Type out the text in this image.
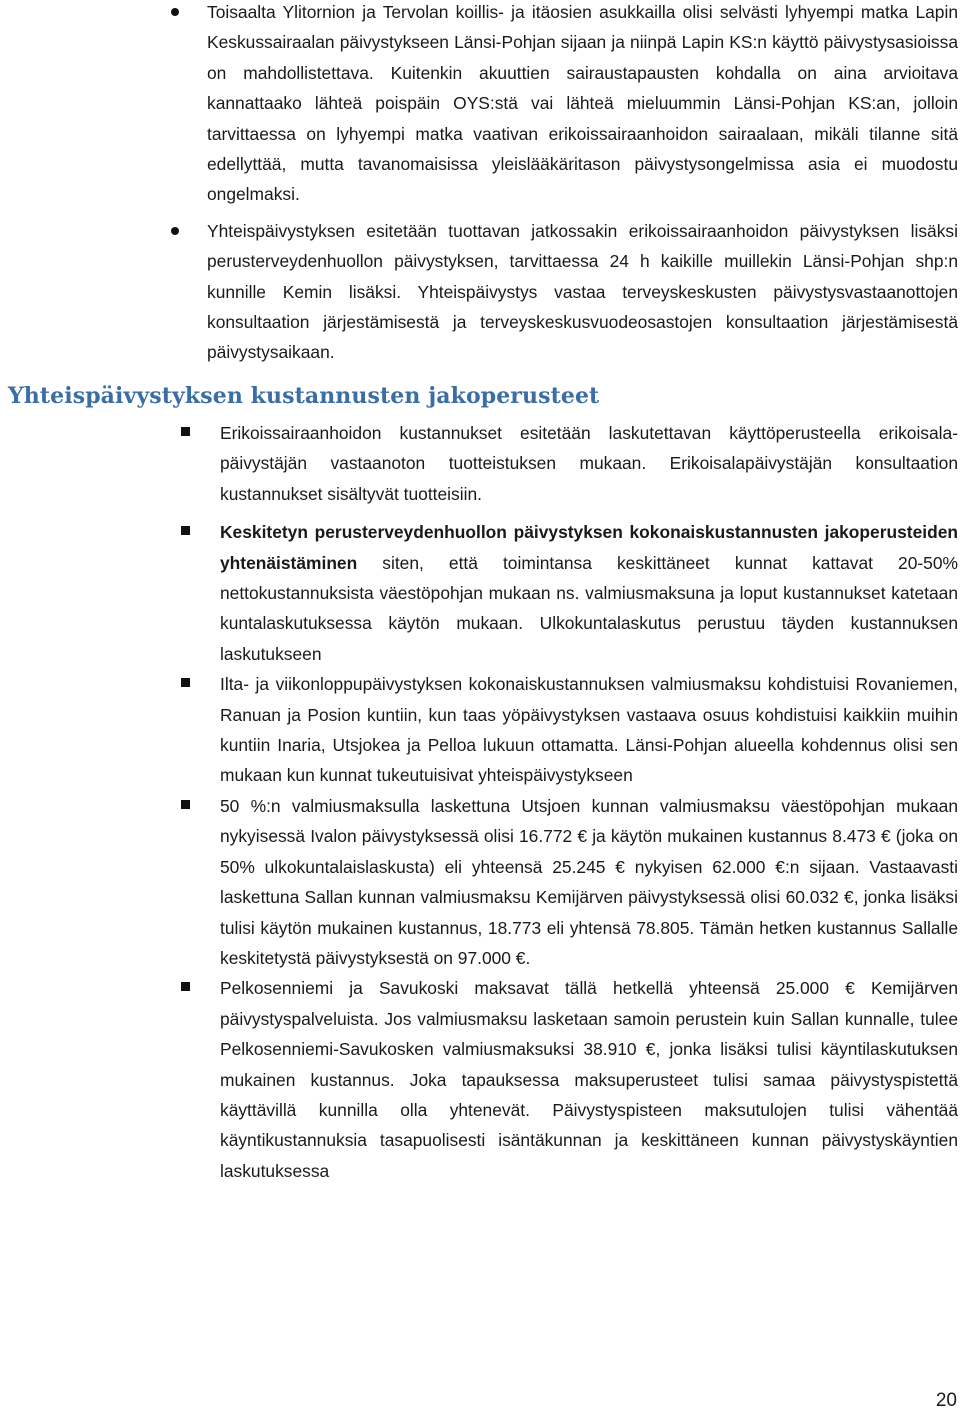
Toisaalta Ylitornion ja Tervolan koillis- ja itäosien asukkailla olisi selvästi lyhyempi matka Lapin Keskussairaalan päivystykseen Länsi-Pohjan sijaan ja niinpä Lapin KS:n käyttö päivystysasioissa on mahdollistettava. Kuitenkin akuuttien sairaustapausten kohdalla on aina arvioitava kannattaako lähteä poispäin OYS:stä vai lähteä mieluummin Länsi-Pohjan KS:an, jolloin tarvittaessa on lyhyempi matka vaativan erikoissairaanhoidon sairaalaan, mikäli tilanne sitä edellyttää, mutta tavanomaisissa yleislääkäritason päivystysongelmissa asia ei muodostu ongelmaksi.
Yhteispäivystyksen esitetään tuottavan jatkossakin erikoissairaanhoidon päivystyksen lisäksi perusterveydenhuollon päivystyksen, tarvittaessa 24 h kaikille muillekin Länsi-Pohjan shp:n kunnille Kemin lisäksi. Yhteispäivystys vastaa terveyskeskusten päivystysvastaanottojen konsultaation järjestämisestä ja terveyskeskusvuodeosastojen konsultaation järjestämisestä päivystysaikaan.
Yhteispäivystyksen kustannusten jakoperusteet
Erikoissairaanhoidon kustannukset esitetään laskutettavan käyttöperusteella erikoisala-päivystäjän vastaanoton tuotteistuksen mukaan. Erikoisalapäivystäjän konsultaation kustannukset sisältyvät tuotteisiin.
Keskitetyn perusterveydenhuollon päivystyksen kokonaiskustannusten jakoperusteiden yhtenäistäminen siten, että toimintansa keskittäneet kunnat kattavat 20-50% nettokustannuksista väestöpohjan mukaan ns. valmiusmaksuna ja loput kustannukset katetaan kuntalaskutuksessa käytön mukaan. Ulkokuntalaskutus perustuu täyden kustannuksen laskutukseen
Ilta- ja viikonloppupäivystyksen kokonaiskustannuksen valmiusmaksu kohdistuisi Rovaniemen, Ranuan ja Posion kuntiin, kun taas yöpäivystyksen vastaava osuus kohdistuisi kaikkiin muihin kuntiin Inaria, Utsjokea ja Pelloa lukuun ottamatta. Länsi-Pohjan alueella kohdennus olisi sen mukaan kun kunnat tukeutuisivat yhteispäivystykseen
50 %:n valmiusmaksulla laskettuna Utsjoen kunnan valmiusmaksu väestöpohjan mukaan nykyisessä Ivalon päivystyksessä olisi 16.772 € ja käytön mukainen kustannus 8.473 € (joka on 50% ulkokuntalaislaskusta) eli yhteensä 25.245 € nykyisen 62.000 €:n sijaan. Vastaavasti laskettuna Sallan kunnan valmiusmaksu Kemijärven päivystyksessä olisi 60.032 €, jonka lisäksi tulisi käytön mukainen kustannus, 18.773 eli yhtensä 78.805. Tämän hetken kustannus Sallalle keskitetystä päivystyksestä on 97.000 €.
Pelkosenniemi ja Savukoski maksavat tällä hetkellä yhteensä 25.000 € Kemijärven päivystyspalveluista. Jos valmiusmaksu lasketaan samoin perustein kuin Sallan kunnalle, tulee Pelkosenniemi-Savukosken valmiusmaksuksi 38.910 €, jonka lisäksi tulisi käyntilaskutuksen mukainen kustannus. Joka tapauksessa maksuperusteet tulisi samaa päivystyspistettä käyttävillä kunnilla olla yhtenevät. Päivystyspisteen maksutulojen tulisi vähentää käyntikustannuksia tasapuolisesti isäntäkunnan ja keskittäneen kunnan päivystyskäyntien laskutuksessa
20
